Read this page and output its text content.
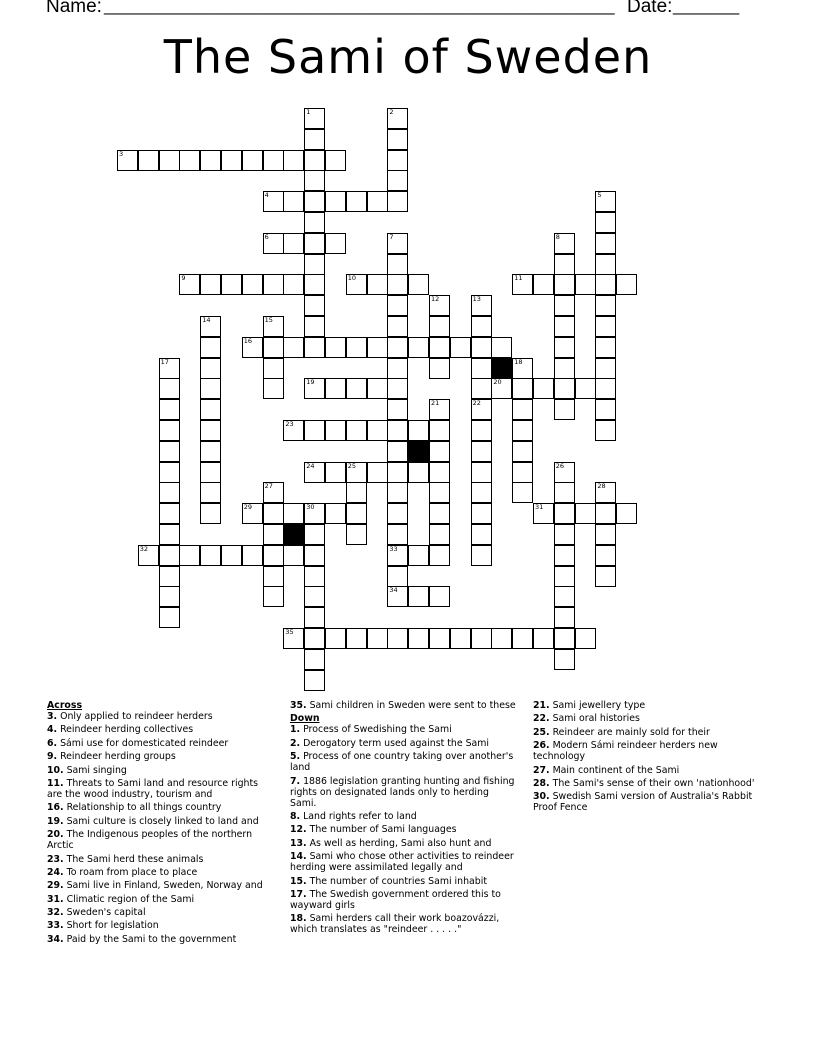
Name: ______________________________________________________ Date: _______
The Sami of Sweden
1	2
3
4	5
6	7	8
9	10	11
12	13
14	15
16
17	18
19	20
21	22
23
24	25	26
27	28
29	30	31
32	33
34
35

Across

3. Only applied to reindeer herders

4. Reindeer herding collectives

6. Sámi use for domesticated reindeer

9. Reindeer herding groups

10. Sami singing

11. Threats to Sami land and resource rights are the wood industry, tourism and

16. Relationship to all things country

19. Sami culture is closely linked to land and

20. The Indigenous peoples of the northern Arctic

23. The Sami herd these animals

24. To roam from place to place

29. Sami live in Finland, Sweden, Norway and

31. Climatic region of the Sami

32. Sweden's capital

33. Short for legislation

34. Paid by the Sami to the government

35. Sami children in Sweden were sent to these

Down

1. Process of Swedishing the Sami

2. Derogatory term used against the Sami

5. Process of one country taking over another's land

7. 1886 legislation granting hunting and fishing rights on designated lands only to herding Sami.

8. Land rights refer to land

12. The number of Sami languages

13. As well as herding, Sami also hunt and

14. Sami who chose other activities to reindeer herding were assimilated legally and

15. The number of countries Sami inhabit

17. The Swedish government ordered this to wayward girls

18. Sami herders call their work boazovázzi, which translates as "reindeer . . . . ."

21. Sami jewellery type

22. Sami oral histories

25. Reindeer are mainly sold for their

26. Modern Sámi reindeer herders new technology

27. Main continent of the Sami

28. The Sami's sense of their own 'nationhood'

30. Swedish Sami version of Australia's Rabbit Proof Fence
